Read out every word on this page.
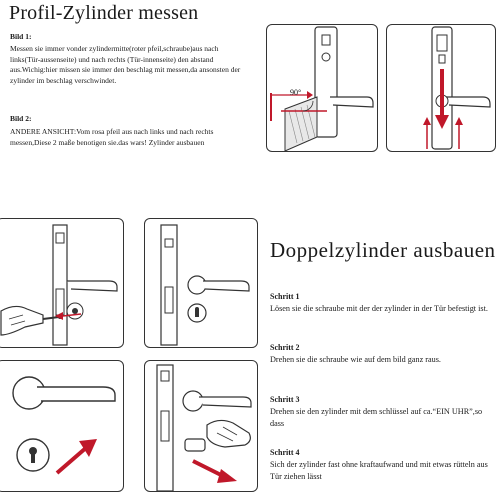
Profil-Zylinder messen
Doppelzylinder ausbauen
Bild 1:
Messen sie immer vonder zylindermitte(roter pfeil,schraube)aus nach links(Tür-aussenseite) und nach rechts (Tür-innenseite) den abstand aus.Wichig:hier missen sie immer den beschlag mit messen,da ansonsten der zylinder im beschlag verschwindet.
Bild 2:
ANDERE ANSICHT:Vom rosa pfeil aus nach links und nach rechts messen,Diese 2 maße benotigen sie.das wars! Zylinder ausbauen
90°
Schritt 1
Lösen sie die schraube mit der der zylinder in der Tür befestigt ist.
Schritt 2
Drehen sie die schraube wie auf dem bild ganz raus.
Schritt 3
Drehen sie den zylinder mit dem schlüssel auf ca.“EIN UHR”,so dass
Schritt 4
Sich der zylinder fast ohne kraftaufwand und mit etwas rütteln aus Tür ziehen lässt
